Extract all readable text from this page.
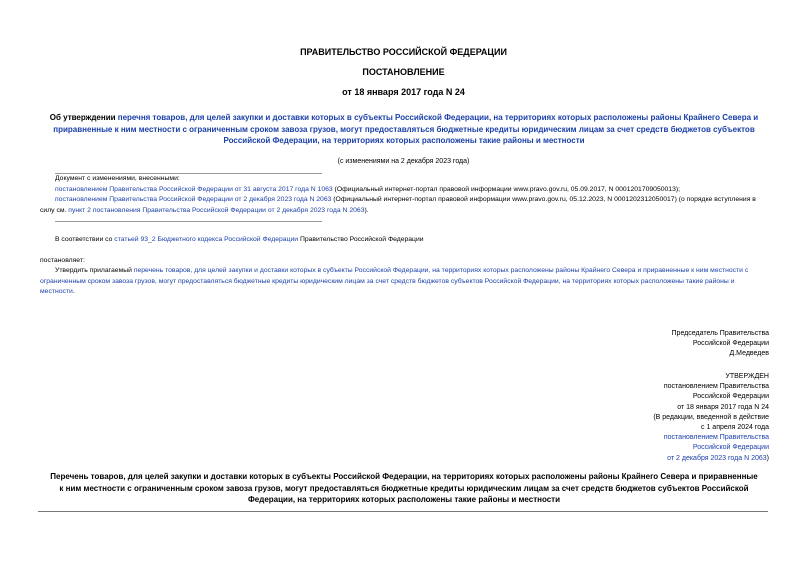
ПРАВИТЕЛЬСТВО РОССИЙСКОЙ ФЕДЕРАЦИИ
ПОСТАНОВЛЕНИЕ
от 18 января 2017 года N 24
Об утверждении перечня товаров, для целей закупки и доставки которых в субъекты Российской Федерации, на территориях которых расположены районы Крайнего Севера и приравненные к ним местности с ограниченным сроком завоза грузов, могут предоставляться бюджетные кредиты юридическим лицам за счет средств бюджетов субъектов Российской Федерации, на территориях которых расположены такие районы и местности
(с изменениями на 2 декабря 2023 года)
Документ с изменениями, внесенными:
постановлением Правительства Российской Федерации от 31 августа 2017 года N 1063 (Официальный интернет-портал правовой информации www.pravo.gov.ru, 05.09.2017, N 0001201709050013);
постановлением Правительства Российской Федерации от 2 декабря 2023 года N 2063 (Официальный интернет-портал правовой информации www.pravo.gov.ru, 05.12.2023, N 0001202312050017) (о порядке вступления в силу см. пункт 2 постановления Правительства Российской Федерации от 2 декабря 2023 года N 2063).
В соответствии со статьей 93_2 Бюджетного кодекса Российской Федерации Правительство Российской Федерации
постановляет:
Утвердить прилагаемый перечень товаров, для целей закупки и доставки которых в субъекты Российской Федерации, на территориях которых расположены районы Крайнего Севера и приравненные к ним местности с ограниченным сроком завоза грузов, могут предоставляться бюджетные кредиты юридическим лицам за счет средств бюджетов субъектов Российской Федерации, на территориях которых расположены такие районы и местности.
Председатель Правительства
Российской Федерации
Д.Медведев
УТВЕРЖДЕН
постановлением Правительства
Российской Федерации
от 18 января 2017 года N 24
(В редакции, введенной в действие
с 1 апреля 2024 года
постановлением Правительства
Российской Федерации
от 2 декабря 2023 года N 2063)
Перечень товаров, для целей закупки и доставки которых в субъекты Российской Федерации, на территориях которых расположены районы Крайнего Севера и приравненные к ним местности с ограниченным сроком завоза грузов, могут предоставляться бюджетные кредиты юридическим лицам за счет средств бюджетов субъектов Российской Федерации, на территориях которых расположены такие районы и местности
